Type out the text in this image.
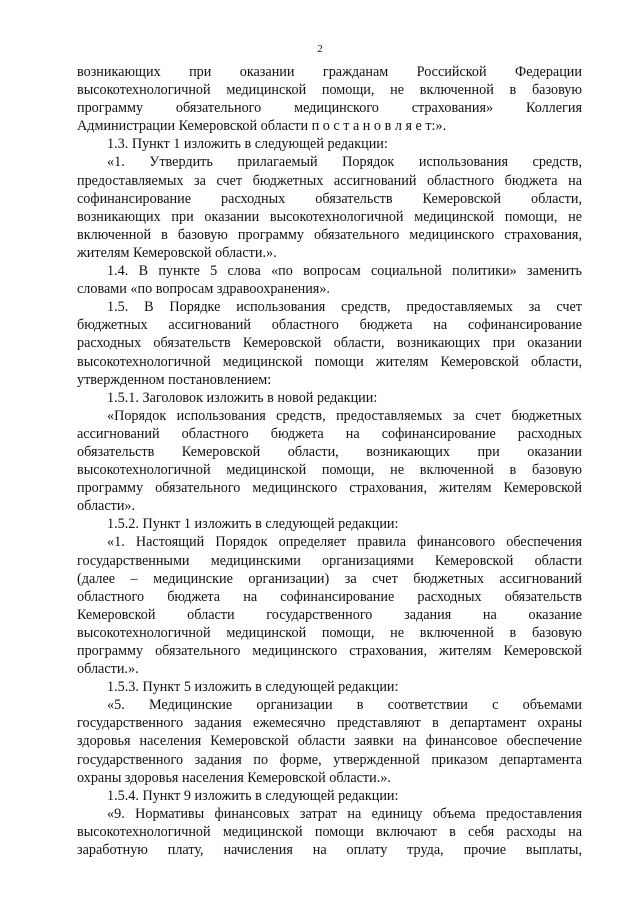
2
возникающих при оказании гражданам Российской Федерации
высокотехнологичной медицинской помощи, не включенной в базовую
программу обязательного медицинского страхования» Коллегия
Администрации Кемеровской области п о с т а н о в л я е т:».
1.3. Пункт 1 изложить в следующей редакции:
«1. Утвердить прилагаемый Порядок использования средств,
предоставляемых за счет бюджетных ассигнований областного бюджета на
софинансирование расходных обязательств Кемеровской области,
возникающих при оказании высокотехнологичной медицинской помощи, не
включенной в базовую программу обязательного медицинского страхования,
жителям Кемеровской области.».
1.4. В пункте 5 слова «по вопросам социальной политики» заменить
словами «по вопросам здравоохранения».
1.5. В Порядке использования средств, предоставляемых за счет
бюджетных ассигнований областного бюджета на софинансирование
расходных обязательств Кемеровской области, возникающих при оказании
высокотехнологичной медицинской помощи жителям Кемеровской области,
утвержденном постановлением:
1.5.1. Заголовок изложить в новой редакции:
«Порядок использования средств, предоставляемых за счет бюджетных
ассигнований областного бюджета на софинансирование расходных
обязательств Кемеровской области, возникающих при оказании
высокотехнологичной медицинской помощи, не включенной в базовую
программу обязательного медицинского страхования, жителям Кемеровской
области».
1.5.2. Пункт 1 изложить в следующей редакции:
«1. Настоящий Порядок определяет правила финансового обеспечения
государственными медицинскими организациями Кемеровской области
(далее – медицинские организации) за счет бюджетных ассигнований
областного бюджета на софинансирование расходных обязательств
Кемеровской области государственного задания на оказание
высокотехнологичной медицинской помощи, не включенной в базовую
программу обязательного медицинского страхования, жителям Кемеровской
области.».
1.5.3. Пункт 5 изложить в следующей редакции:
«5. Медицинские организации в соответствии с объемами
государственного задания ежемесячно представляют в департамент охраны
здоровья населения Кемеровской области заявки на финансовое обеспечение
государственного задания по форме, утвержденной приказом департамента
охраны здоровья населения Кемеровской области.».
1.5.4. Пункт 9 изложить в следующей редакции:
«9. Нормативы финансовых затрат на единицу объема предоставления
высокотехнологичной медицинской помощи включают в себя расходы на
заработную плату, начисления на оплату труда, прочие выплаты,
